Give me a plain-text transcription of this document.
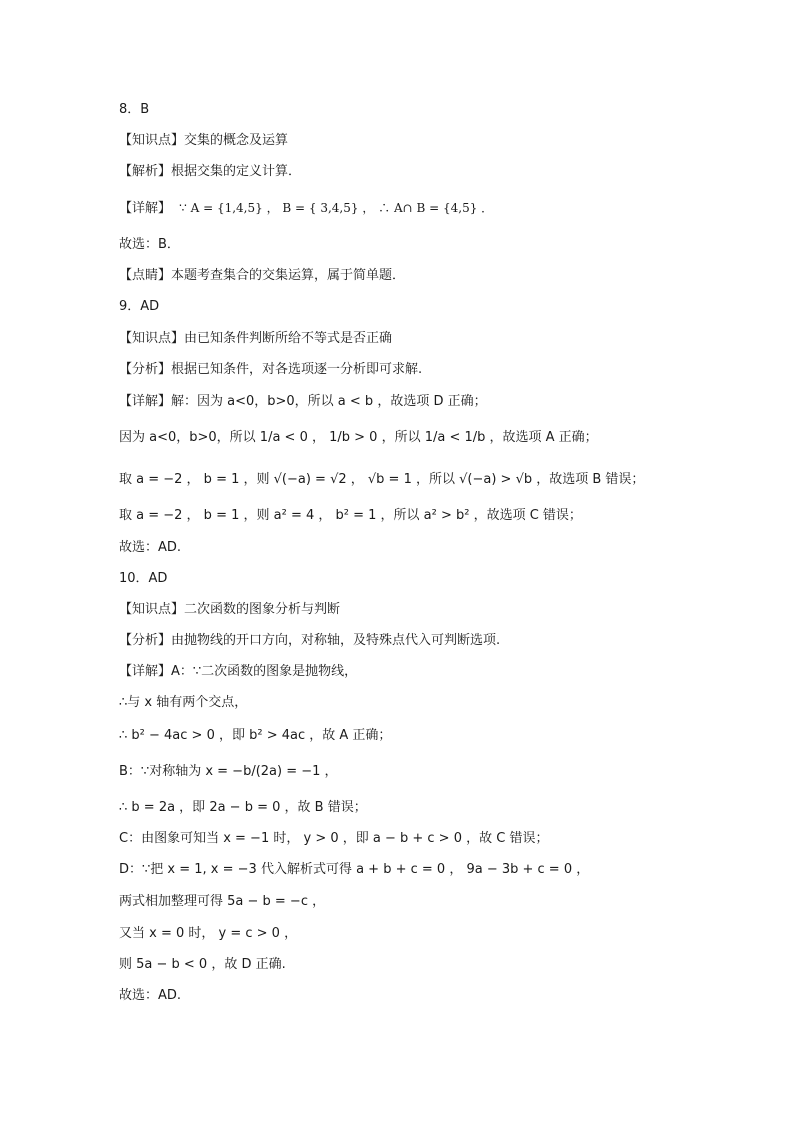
8．B
【知识点】交集的概念及运算
【解析】根据交集的定义计算．
【详解】 ∵ A = {1,4,5} ， B = { 3,4,5} ， ∴ A∩ B = {4,5} ．
故选：B．
【点睛】本题考查集合的交集运算，属于简单题．
9．AD
【知识点】由已知条件判断所给不等式是否正确
【分析】根据已知条件，对各选项逐一分析即可求解.
【详解】解：因为 a<0，b>0，所以 a < b ，故选项 D 正确；
因为 a<0，b>0，所以 1/a < 0 ， 1/b > 0 ，所以 1/a < 1/b ，故选项 A 正确；
取 a = −2 ， b = 1 ，则 √(−a) = √2 ， √b = 1 ，所以 √(−a) > √b ，故选项 B 错误；
取 a = −2 ， b = 1 ，则 a² = 4 ， b² = 1 ，所以 a² > b² ，故选项 C 错误；
故选：AD.
10．AD
【知识点】二次函数的图象分析与判断
【分析】由抛物线的开口方向，对称轴，及特殊点代入可判断选项.
【详解】A：∵二次函数的图象是抛物线，
∴与 x 轴有两个交点，
∴ b² − 4ac > 0 ，即 b² > 4ac ，故 A 正确；
B：∵对称轴为 x = −b/(2a) = −1 ，
∴ b = 2a ，即 2a − b = 0 ，故 B 错误；
C：由图象可知当 x = −1 时， y > 0 ，即 a − b + c > 0 ，故 C 错误；
D：∵把 x = 1, x = −3 代入解析式可得 a + b + c = 0 ， 9a − 3b + c = 0 ，
两式相加整理可得 5a − b = −c ，
又当 x = 0 时， y = c > 0 ，
则 5a − b < 0 ，故 D 正确.
故选：AD.
